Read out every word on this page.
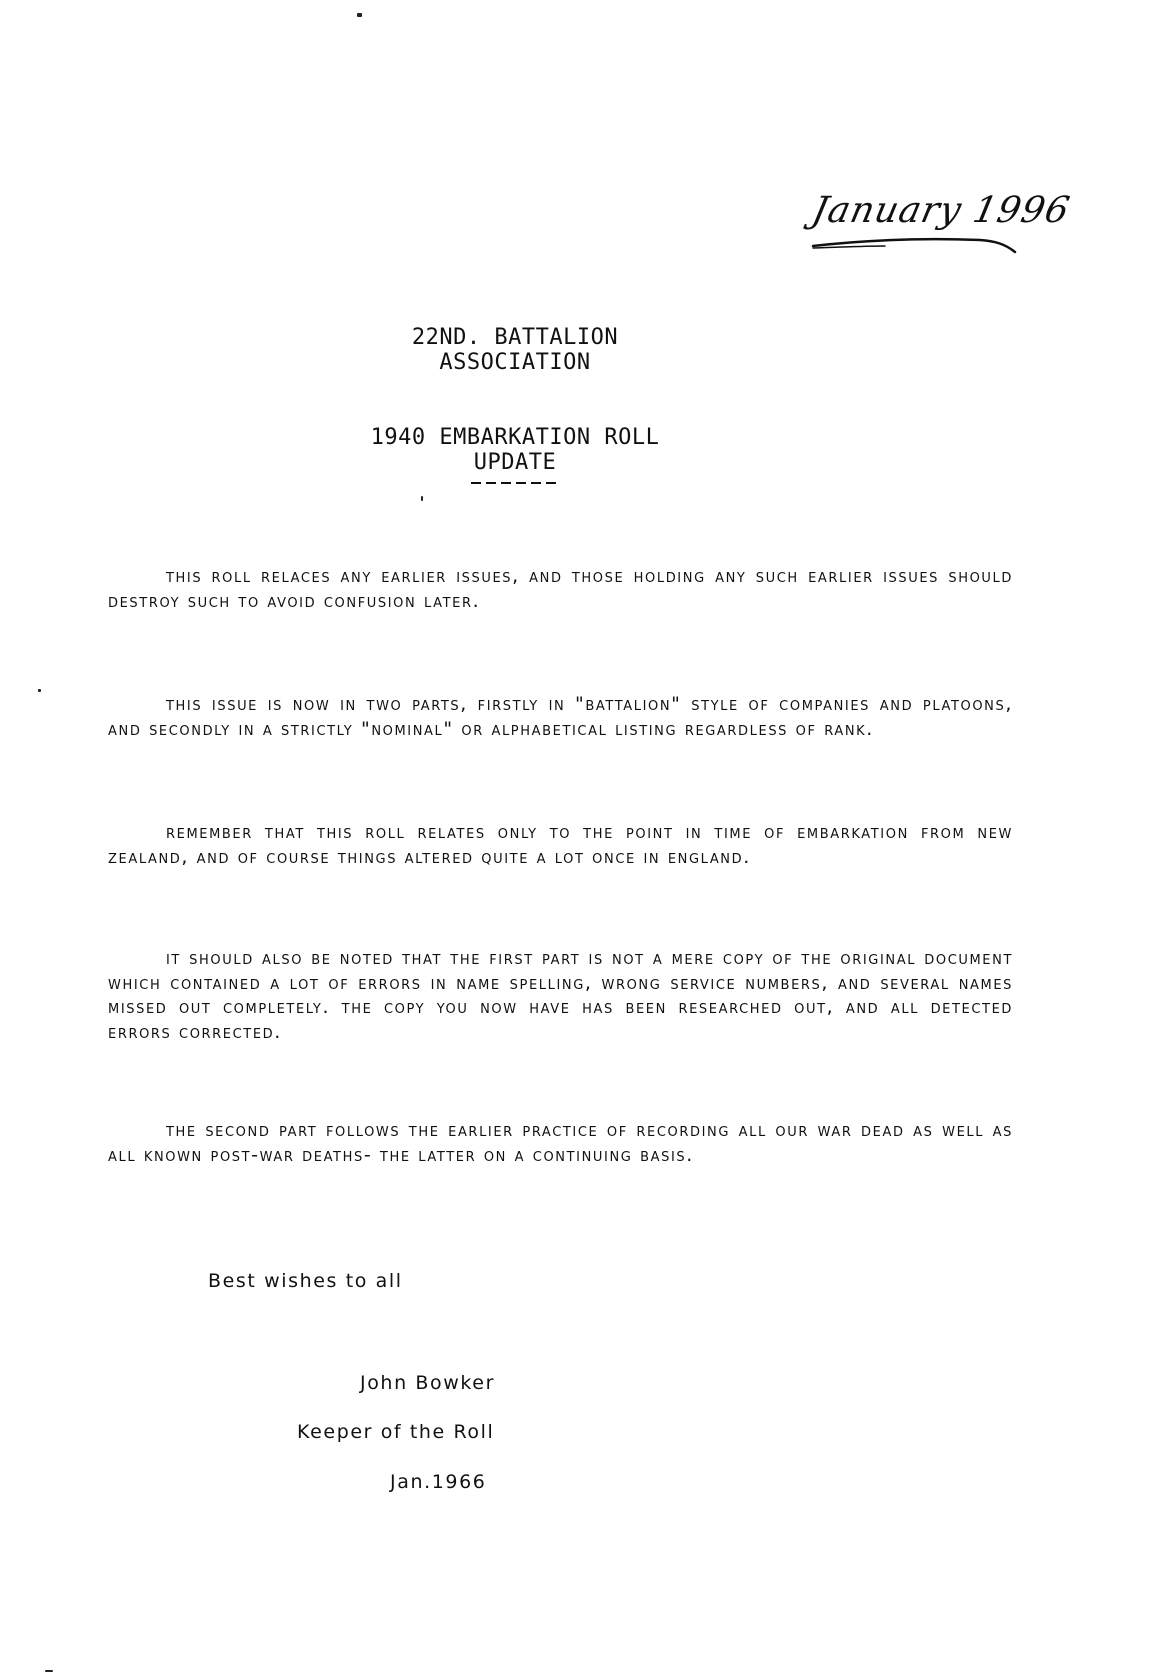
January 1996
22ND. BATTALION
ASSOCIATION
1940 EMBARKATION ROLL
UPDATE

this roll relaces any earlier issues, and those holding any such earlier issues should destroy such to avoid confusion later.

this issue is now in two parts, firstly in "battalion" style of companies and platoons, and secondly in a strictly "nominal" or alphabetical listing regardless of rank.

remember that this roll relates only to the point in time of embarkation from new zealand, and of course things altered quite a lot once in england.

it should also be noted that the first part is not a mere copy of the original document which contained a lot of errors in name spelling, wrong service numbers, and several names missed out completely. the copy you now have has been researched out, and all detected errors corrected.

the second part follows the earlier practice of recording all our war dead as well as all known post-war deaths- the latter on a continuing basis.

Best wishes to all
John Bowker
Keeper of the Roll
Jan.1966
